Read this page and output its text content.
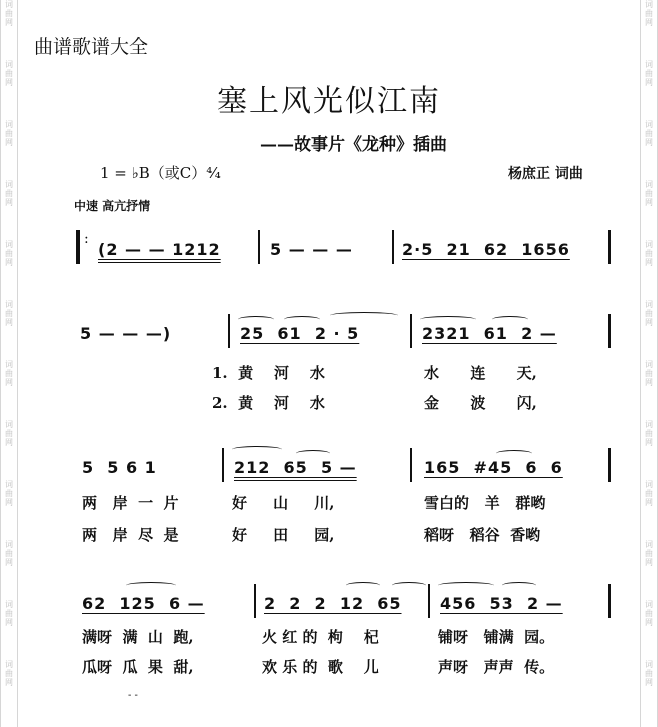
词曲网
词曲网
词曲网
词曲网
词曲网
词曲网
词曲网
词曲网
词曲网
词曲网
词曲网
词曲网
词曲网
词曲网
词曲网
词曲网
词曲网
词曲网
词曲网
词曲网
词曲网
词曲网
词曲网
词曲网
曲谱歌谱大全
塞上风光似江南
——故事片《龙种》插曲
1 = ♭B（或C）⁴⁄₄	杨庶正 词曲
中速 高亢抒情
:
(2 — — 1212	5 — — —	2·5  21  62  1656
5 — — —)	25  61  2 · 5	2321  61  2 —
1.  黄    河    水	水      连      天,
2.  黄    河    水	金      波      闪,
5  5 6 1	212  65  5 —	165  #45  6  6
两   岸  一  片	好     山     川,	雪白的   羊   群哟
两   岸  尽  是	好     田     园,	稻呀   稻谷  香哟
62  125  6 —	2  2  2  12  65 456  53  2 —
满呀  满  山  跑,	火 红 的  枸    杞	铺呀   铺满  园。
瓜呀  瓜  果  甜,	欢 乐 的  歌    儿	声呀   声声  传。
- -
